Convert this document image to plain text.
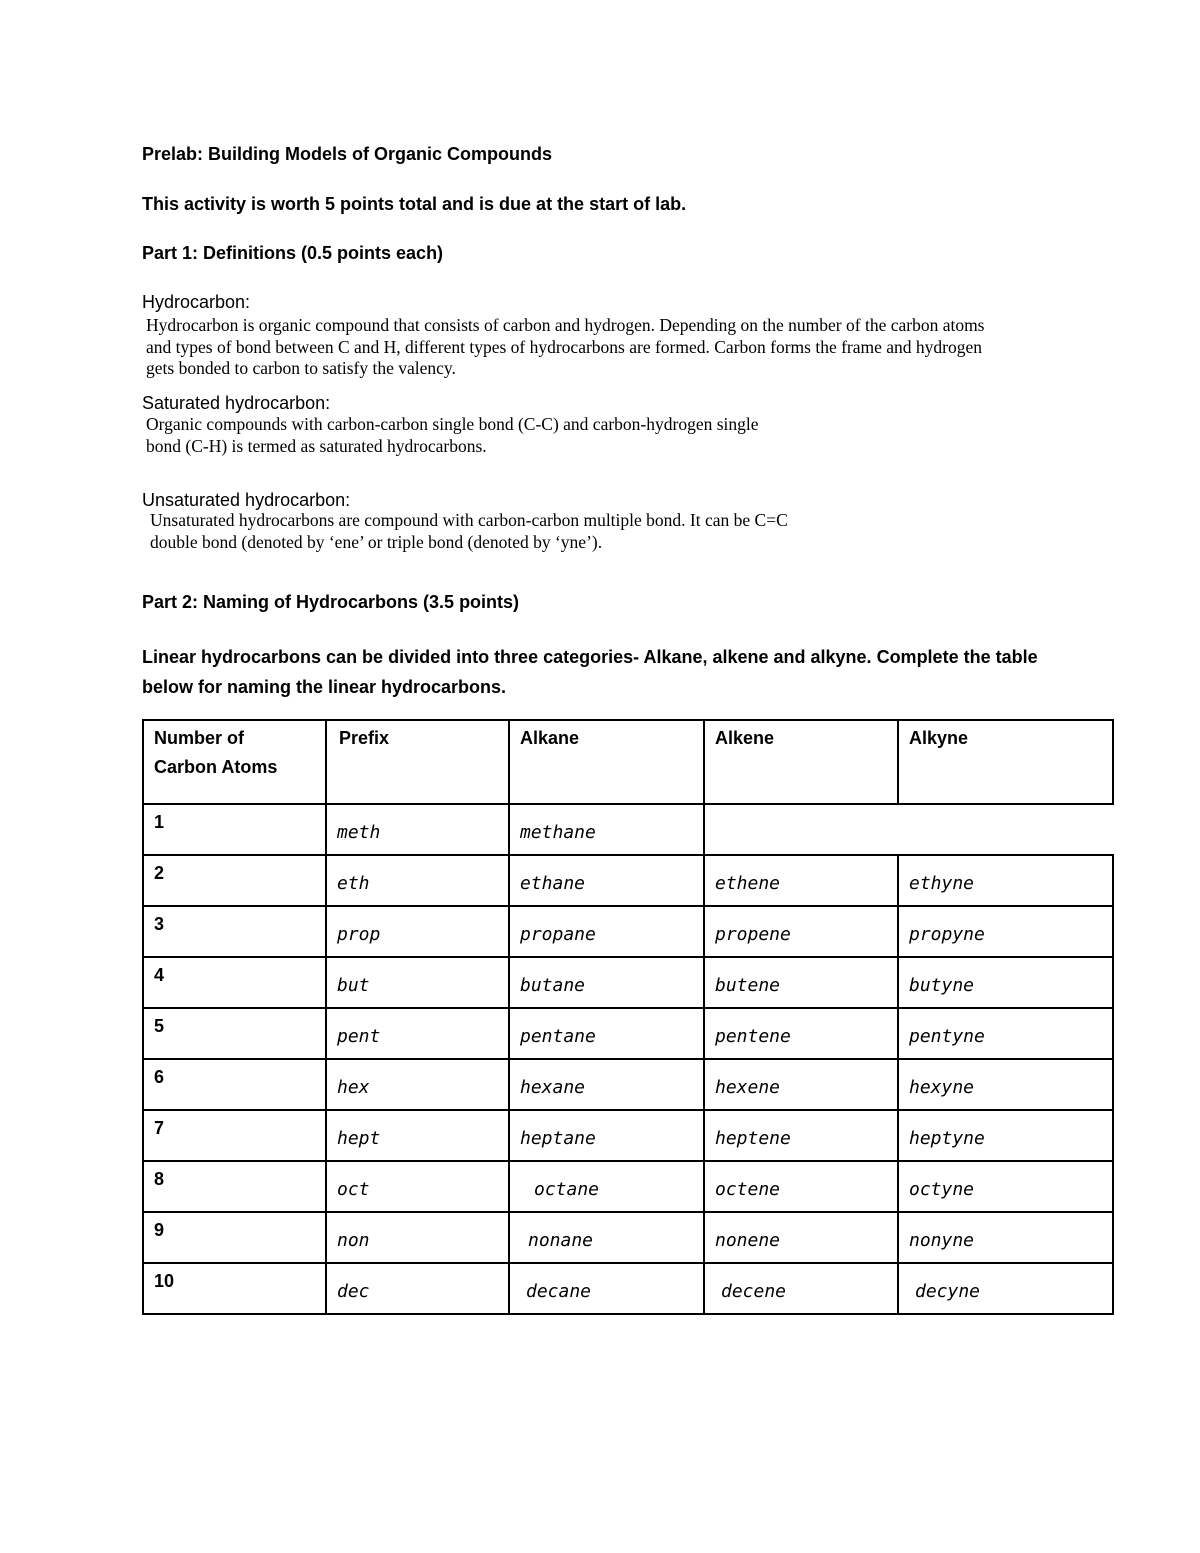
Prelab: Building Models of Organic Compounds
This activity is worth 5 points total and is due at the start of lab.
Part 1: Definitions (0.5 points each)
Hydrocarbon:
Hydrocarbon is organic compound that consists of carbon and hydrogen. Depending on the number of the carbon atoms
and types of bond between C and H, different types of hydrocarbons are formed. Carbon forms the frame and hydrogen
gets bonded to carbon to satisfy the valency.
Saturated hydrocarbon:
Organic compounds with carbon-carbon single bond (C-C) and carbon-hydrogen single
bond (C-H) is termed as saturated hydrocarbons.
Unsaturated hydrocarbon:
Unsaturated hydrocarbons are compound with carbon-carbon multiple bond. It can be C=C
double bond (denoted by ‘ene’ or triple bond (denoted by ‘yne’).
Part 2: Naming of Hydrocarbons (3.5 points)
Linear hydrocarbons can be divided into three categories- Alkane, alkene and alkyne. Complete the table
below for naming the linear hydrocarbons.
Number of
Carbon Atoms	Prefix	Alkane	Alkene	Alkyne
1	meth	methane		
2	eth	ethane	ethene	ethyne
3	prop	propane	propene	propyne
4	but	butane	butene	butyne
5	pent	pentane	pentene	pentyne
6	hex	hexane	hexene	hexyne
7	hept	heptane	heptene	heptyne
8	oct	octane	octene	octyne
9	non	nonane	nonene	nonyne
10	dec	decane	decene	decyne
